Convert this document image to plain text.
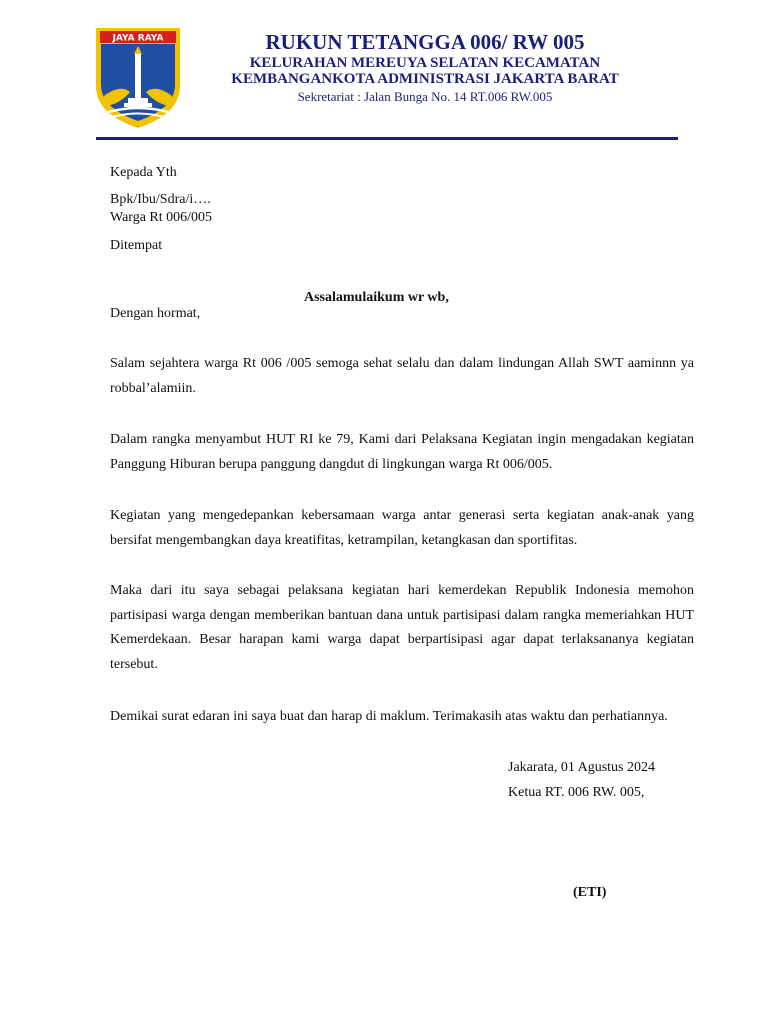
JAYA RAYA	RUKUN TETANGGA 006/ RW 005
KELURAHAN MEREUYA SELATAN KECAMATAN
KEMBANGANKOTA ADMINISTRASI JAKARTA BARAT
Sekretariat : Jalan Bunga No. 14 RT.006 RW.005
Kepada Yth
Bpk/Ibu/Sdra/i….
Warga Rt 006/005
Ditempat
Assalamulaikum wr wb,
Dengan hormat,
Salam sejahtera warga Rt 006 /005 semoga sehat selalu dan dalam lindungan Allah SWT aaminnn ya robbal’alamiin.
Dalam rangka menyambut HUT RI ke 79, Kami dari Pelaksana Kegiatan ingin mengadakan kegiatan Panggung Hiburan berupa panggung dangdut di lingkungan warga Rt 006/005.
Kegiatan yang mengedepankan kebersamaan warga antar generasi serta kegiatan anak-anak yang bersifat mengembangkan daya kreatifitas, ketrampilan, ketangkasan dan sportifitas.
Maka dari itu saya sebagai pelaksana kegiatan hari kemerdekan Republik Indonesia memohon partisipasi warga dengan memberikan bantuan dana untuk partisipasi dalam rangka memeriahkan HUT Kemerdekaan. Besar harapan kami warga dapat berpartisipasi agar dapat terlaksananya kegiatan tersebut.
Demikai surat edaran ini saya buat dan harap di maklum. Terimakasih atas waktu dan perhatiannya.
Jakarata, 01 Agustus 2024
Ketua RT. 006 RW. 005,
(ETI)
